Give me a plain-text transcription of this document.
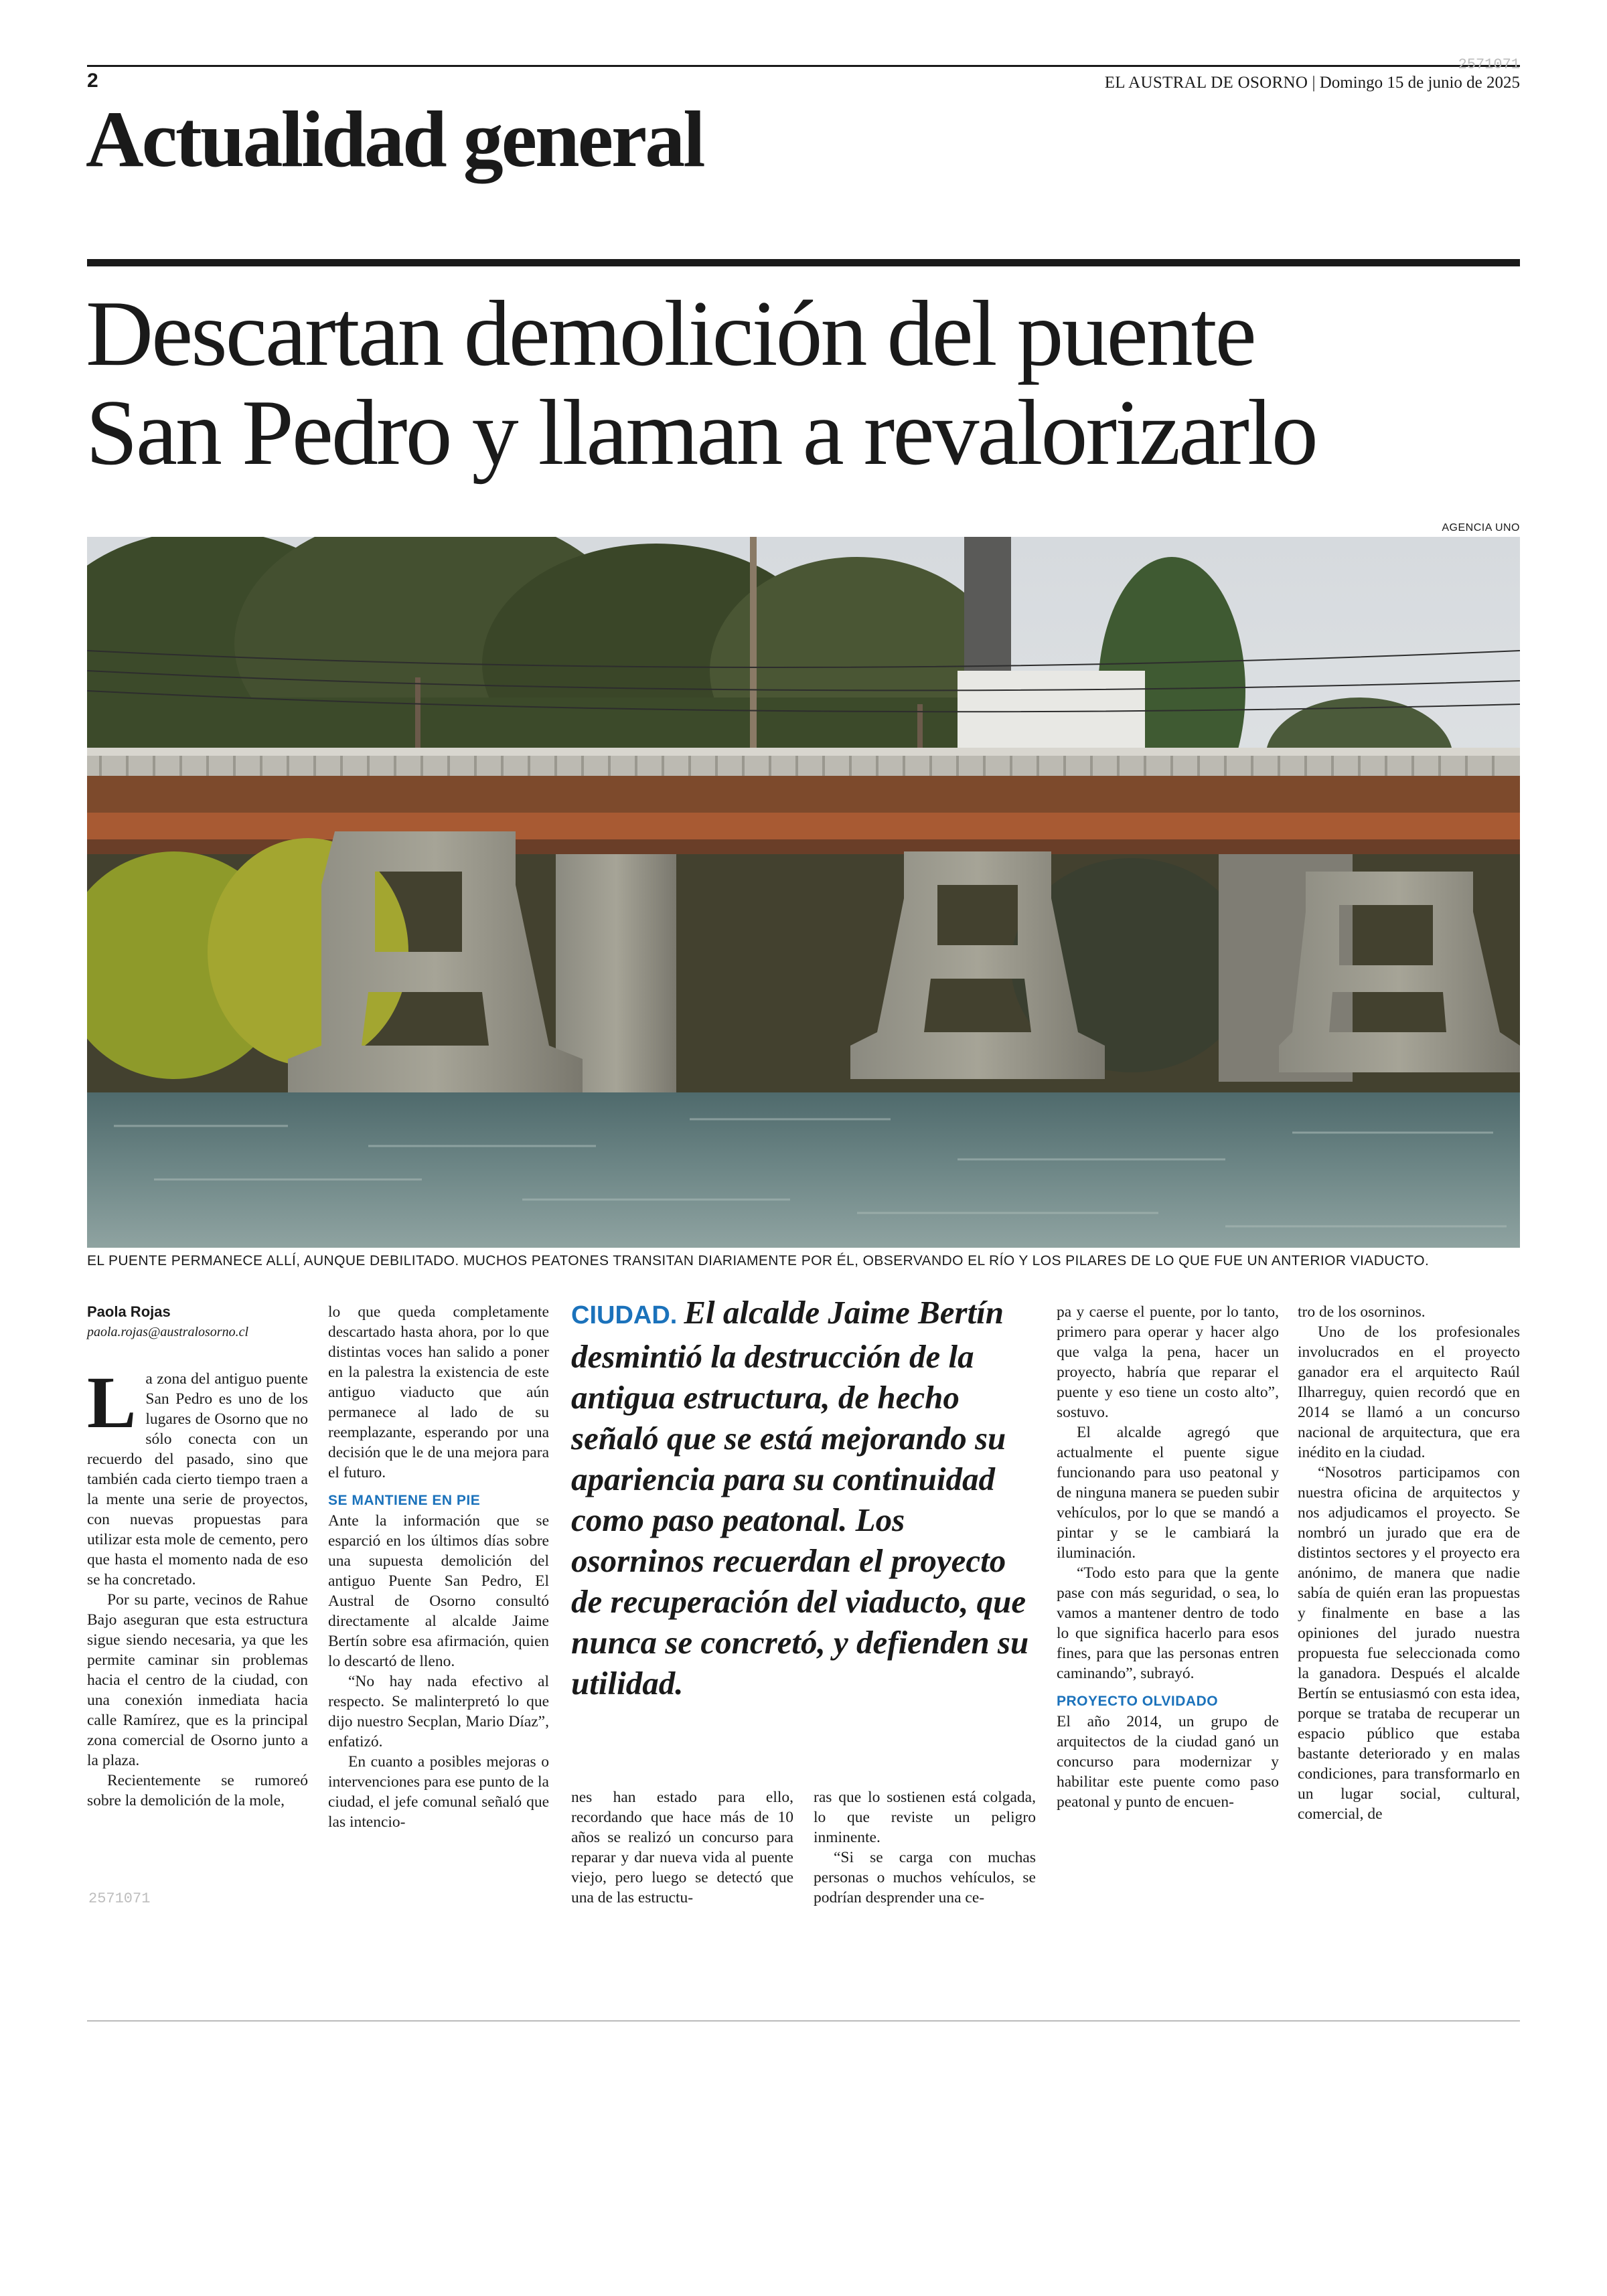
2571071
2	EL AUSTRAL DE OSORNO | Domingo 15 de junio de 2025
Actualidad general
Descartan demolición del puente
San Pedro y llaman a revalorizarlo
AGENCIA UNO
EL PUENTE PERMANECE ALLÍ, AUNQUE DEBILITADO. MUCHOS PEATONES TRANSITAN DIARIAMENTE POR ÉL, OBSERVANDO EL RÍO Y LOS PILARES DE LO QUE FUE UN ANTERIOR VIADUCTO.
Paola Rojas
paola.rojas@australosorno.cl

La zona del antiguo puente San Pedro es uno de los lugares de Osorno que no sólo conecta con un recuerdo del pasado, sino que también cada cierto tiempo traen a la mente una serie de proyectos, con nuevas propuestas para utilizar esta mole de cemento, pero que hasta el momento nada de eso se ha concretado.

Por su parte, vecinos de Rahue Bajo aseguran que esta estructura sigue siendo necesaria, ya que les permite caminar sin problemas hacia el centro de la ciudad, con una conexión inmediata hacia calle Ramírez, que es la principal zona comercial de Osorno junto a la plaza.

Recientemente se rumoreó sobre la demolición de la mole,

2571071

lo que queda completamente descartado hasta ahora, por lo que distintas voces han salido a poner en la palestra la existencia de este antiguo viaducto que aún permanece al lado de su reemplazante, esperando por una decisión que le de una mejora para el futuro.

SE MANTIENE EN PIE

Ante la información que se esparció en los últimos días sobre una supuesta demolición del antiguo Puente San Pedro, El Austral de Osorno consultó directamente al alcalde Jaime Bertín sobre esa afirmación, quien lo descartó de lleno.

“No hay nada efectivo al respecto. Se malinterpretó lo que dijo nuestro Secplan, Mario Díaz”, enfatizó.

En cuanto a posibles mejoras o intervenciones para ese punto de la ciudad, el jefe comunal señaló que las intencio-

CIUDAD. El alcalde Jaime Bertín desmintió la destrucción de la antigua estructura, de hecho señaló que se está mejorando su apariencia para su continuidad como paso peatonal. Los osorninos recuerdan el proyecto de recuperación del viaducto, que nunca se concretó, y defienden su utilidad.

nes han estado para ello, recordando que hace más de 10 años se realizó un concurso para reparar y dar nueva vida al puente viejo, pero luego se detectó que una de las estructu-

ras que lo sostienen está colgada, lo que reviste un peligro inminente.

“Si se carga con muchas personas o muchos vehículos, se podrían desprender una ce-

pa y caerse el puente, por lo tanto, primero para operar y hacer algo que valga la pena, hacer un proyecto, habría que reparar el puente y eso tiene un costo alto”, sostuvo.

El alcalde agregó que actualmente el puente sigue funcionando para uso peatonal y de ninguna manera se pueden subir vehículos, por lo que se mandó a pintar y se le cambiará la iluminación.

“Todo esto para que la gente pase con más seguridad, o sea, lo vamos a mantener dentro de todo lo que significa hacerlo para esos fines, para que las personas entren caminando”, subrayó.

PROYECTO OLVIDADO

El año 2014, un grupo de arquitectos de la ciudad ganó un concurso para modernizar y habilitar este puente como paso peatonal y punto de encuen-

tro de los osorninos.

Uno de los profesionales involucrados en el proyecto ganador era el arquitecto Raúl Ilharreguy, quien recordó que en 2014 se llamó a un concurso nacional de arquitectura, que era inédito en la ciudad.

“Nosotros participamos con nuestra oficina de arquitectos y nos adjudicamos el proyecto. Se nombró un jurado que era de distintos sectores y el proyecto era anónimo, de manera que nadie sabía de quién eran las propuestas y finalmente en base a las opiniones del jurado nuestra propuesta fue seleccionada como la ganadora. Después el alcalde Bertín se entusiasmó con esta idea, porque se trataba de recuperar un espacio público que estaba bastante deteriorado y en malas condiciones, para transformarlo en un lugar social, cultural, comercial, de
